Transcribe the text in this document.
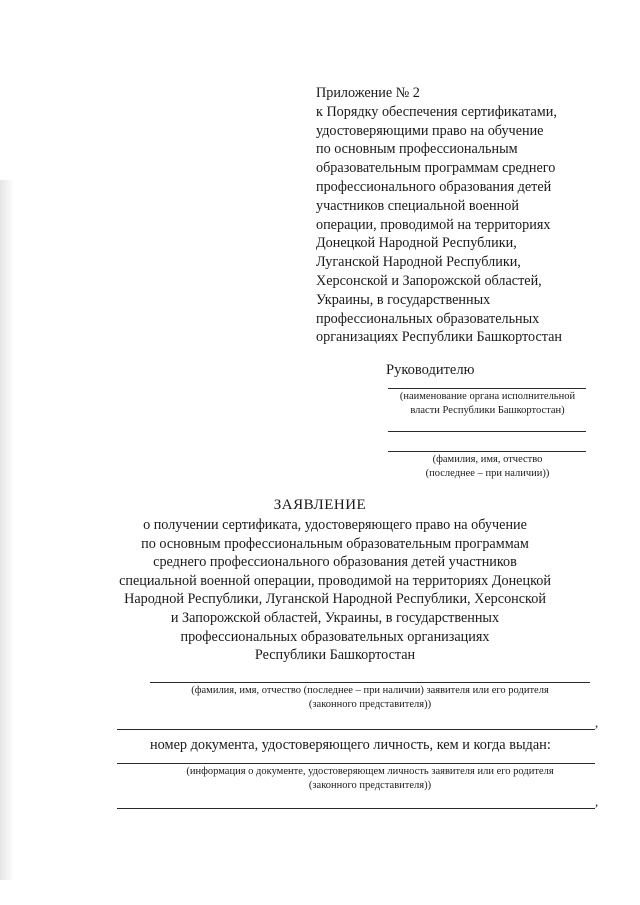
Приложение № 2
к Порядку обеспечения сертификатами,
удостоверяющими право на обучение
по основным профессиональным
образовательным программам среднего
профессионального образования детей
участников специальной военной
операции, проводимой на территориях
Донецкой Народной Республики,
Луганской Народной Республики,
Херсонской и Запорожской областей,
Украины, в государственных
профессиональных образовательных
организациях Республики Башкортостан
Руководителю
(наименование органа исполнительной
власти Республики Башкортостан)
(фамилия, имя, отчество
(последнее – при наличии))
ЗАЯВЛЕНИЕ
о получении сертификата, удостоверяющего право на обучение
по основным профессиональным образовательным программам
среднего профессионального образования детей участников
специальной военной операции, проводимой на территориях Донецкой
Народной Республики, Луганской Народной Республики, Херсонской
и Запорожской областей, Украины, в государственных
профессиональных образовательных организациях
Республики Башкортостан
(фамилия, имя, отчество (последнее – при наличии) заявителя или его родителя
(законного представителя))
,
номер документа, удостоверяющего личность, кем и когда выдан:
(информация о документе, удостоверяющем личность заявителя или его родителя
(законного представителя))
,
